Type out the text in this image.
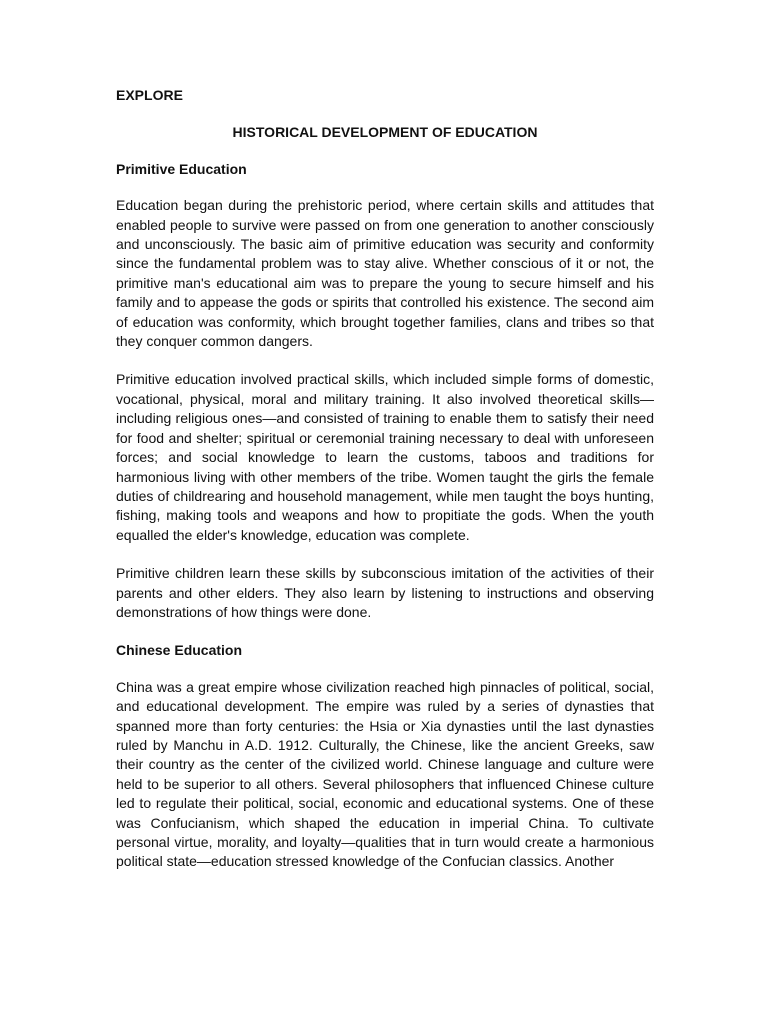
EXPLORE
HISTORICAL DEVELOPMENT OF EDUCATION
Primitive Education

Education began during the prehistoric period, where certain skills and attitudes that enabled people to survive were passed on from one generation to another consciously and unconsciously. The basic aim of primitive education was security and conformity since the fundamental problem was to stay alive. Whether conscious of it or not, the primitive man's educational aim was to prepare the young to secure himself and his family and to appease the gods or spirits that controlled his existence. The second aim of education was conformity, which brought together families, clans and tribes so that they conquer common dangers.

Primitive education involved practical skills, which included simple forms of domestic, vocational, physical, moral and military training. It also involved theoretical skills—including religious ones—and consisted of training to enable them to satisfy their need for food and shelter; spiritual or ceremonial training necessary to deal with unforeseen forces; and social knowledge to learn the customs, taboos and traditions for harmonious living with other members of the tribe. Women taught the girls the female duties of childrearing and household management, while men taught the boys hunting, fishing, making tools and weapons and how to propitiate the gods. When the youth equalled the elder's knowledge, education was complete.

Primitive children learn these skills by subconscious imitation of the activities of their parents and other elders. They also learn by listening to instructions and observing demonstrations of how things were done.

Chinese Education

China was a great empire whose civilization reached high pinnacles of political, social, and educational development. The empire was ruled by a series of dynasties that spanned more than forty centuries: the Hsia or Xia dynasties until the last dynasties ruled by Manchu in A.D. 1912. Culturally, the Chinese, like the ancient Greeks, saw their country as the center of the civilized world. Chinese language and culture were held to be superior to all others. Several philosophers that influenced Chinese culture led to regulate their political, social, economic and educational systems. One of these was Confucianism, which shaped the education in imperial China. To cultivate personal virtue, morality, and loyalty—qualities that in turn would create a harmonious political state—education stressed knowledge of the Confucian classics. Another
